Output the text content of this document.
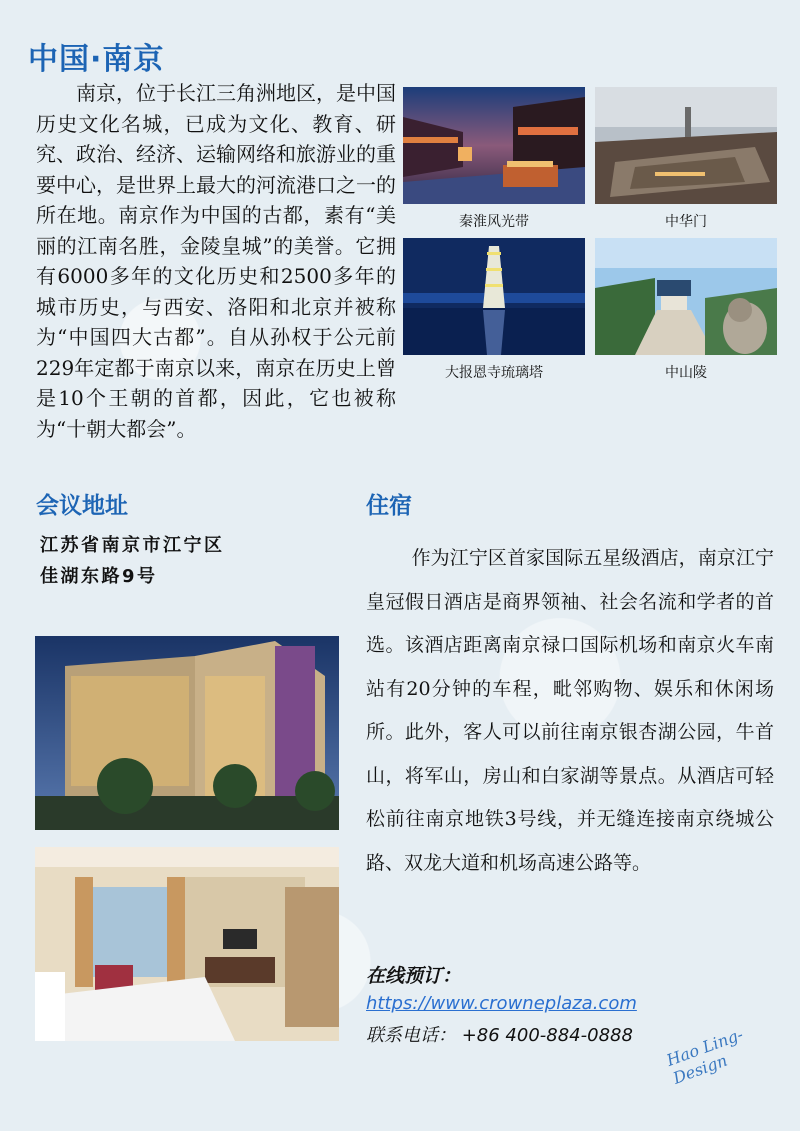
中国·南京

南京，位于长江三角洲地区，是中国历史文化名城，已成为文化、教育、研究、政治、经济、运输网络和旅游业的重要中心，是世界上最大的河流港口之一的所在地。南京作为中国的古都，素有“美丽的江南名胜，金陵皇城”的美誉。它拥有6000多年的文化历史和2500多年的城市历史，与西安、洛阳和北京并被称为“中国四大古都”。自从孙权于公元前229年定都于南京以来，南京在历史上曾是10个王朝的首都，因此，它也被称为“十朝大都会”。

秦淮风光带	中华门
大报恩寺琉璃塔	中山陵
会议地址	住宿
江苏省南京市江宁区
佳湖东路9号

作为江宁区首家国际五星级酒店，南京江宁皇冠假日酒店是商界领袖、社会名流和学者的首选。该酒店距离南京禄口国际机场和南京火车南站有20分钟的车程，毗邻购物、娱乐和休闲场所。此外，客人可以前往南京银杏湖公园，牛首山，将军山，房山和白家湖等景点。从酒店可轻松前往南京地铁3号线，并无缝连接南京绕城公路、双龙大道和机场高速公路等。

在线预订：
https://www.crowneplaza.com
联系电话： +86 400-884-0888 Hao Ling-Design
